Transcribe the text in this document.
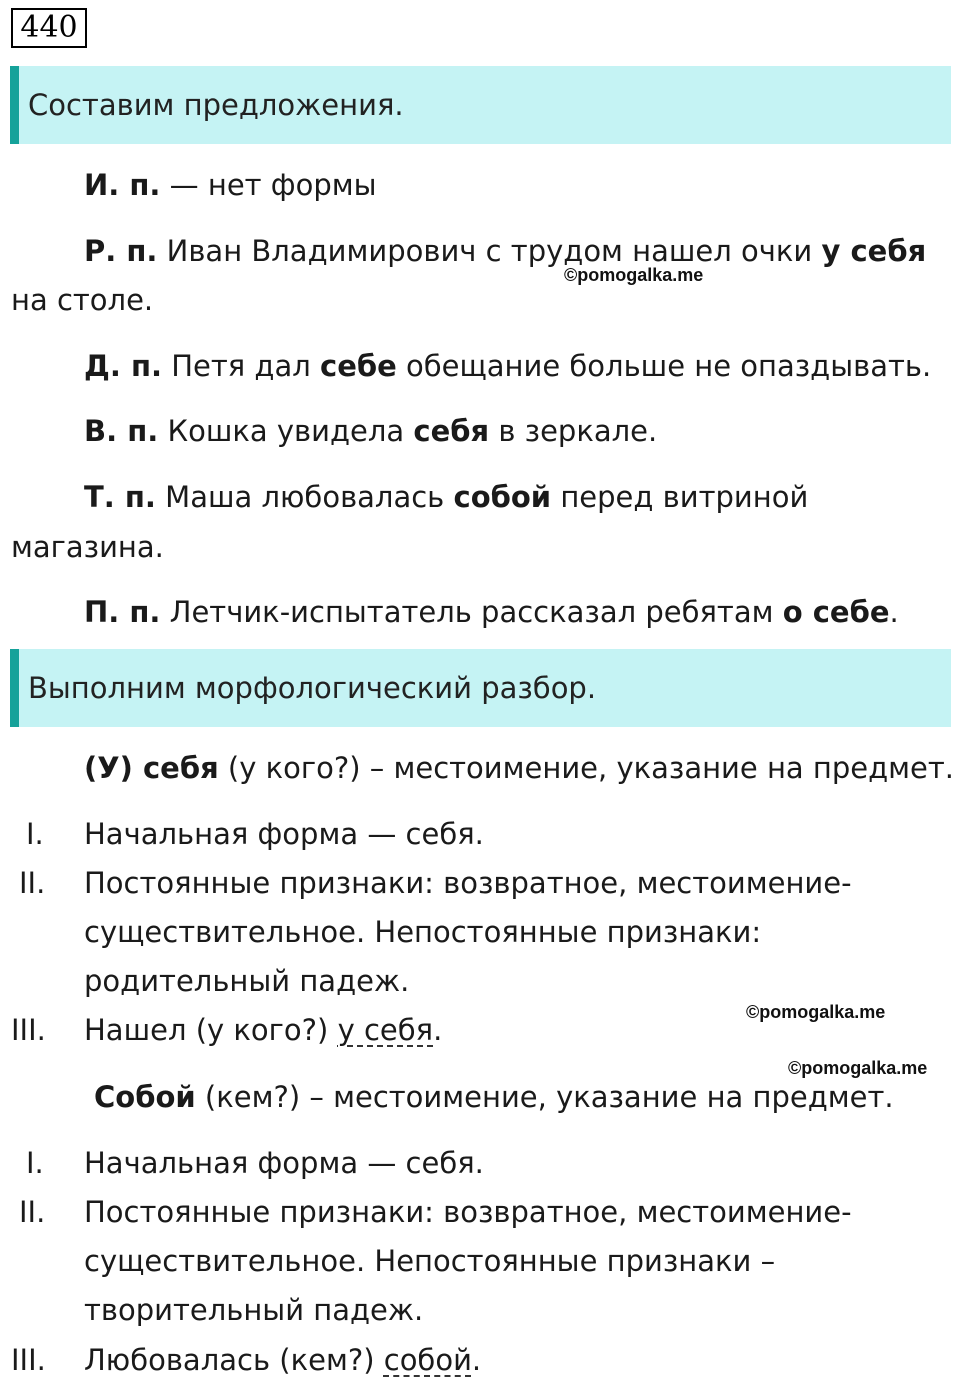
440
Составим предложения.
И. п. — нет формы
Р. п. Иван Владимирович с трудом нашел очки у себя
на столе.
Д. п. Петя дал себе обещание больше не опаздывать.
В. п. Кошка увидела себя в зеркале.
Т. п. Маша любовалась собой перед витриной
магазина.
П. п. Летчик-испытатель рассказал ребятам о себе.
Выполним морфологический разбор.
(У) себя (у кого?) – местоимение, указание на предмет.
I. Начальная форма — себя.
II. Постоянные признаки: возвратное, местоимение-
существительное. Непостоянные признаки:
родительный падеж.
III. Нашел (у кого?) у себя.
Собой (кем?) – местоимение, указание на предмет.
I. Начальная форма — себя.
II. Постоянные признаки: возвратное, местоимение-
существительное. Непостоянные признаки –
творительный падеж.
III. Любовалась (кем?) собой.
©pomogalka.me
©pomogalka.me
©pomogalka.me
